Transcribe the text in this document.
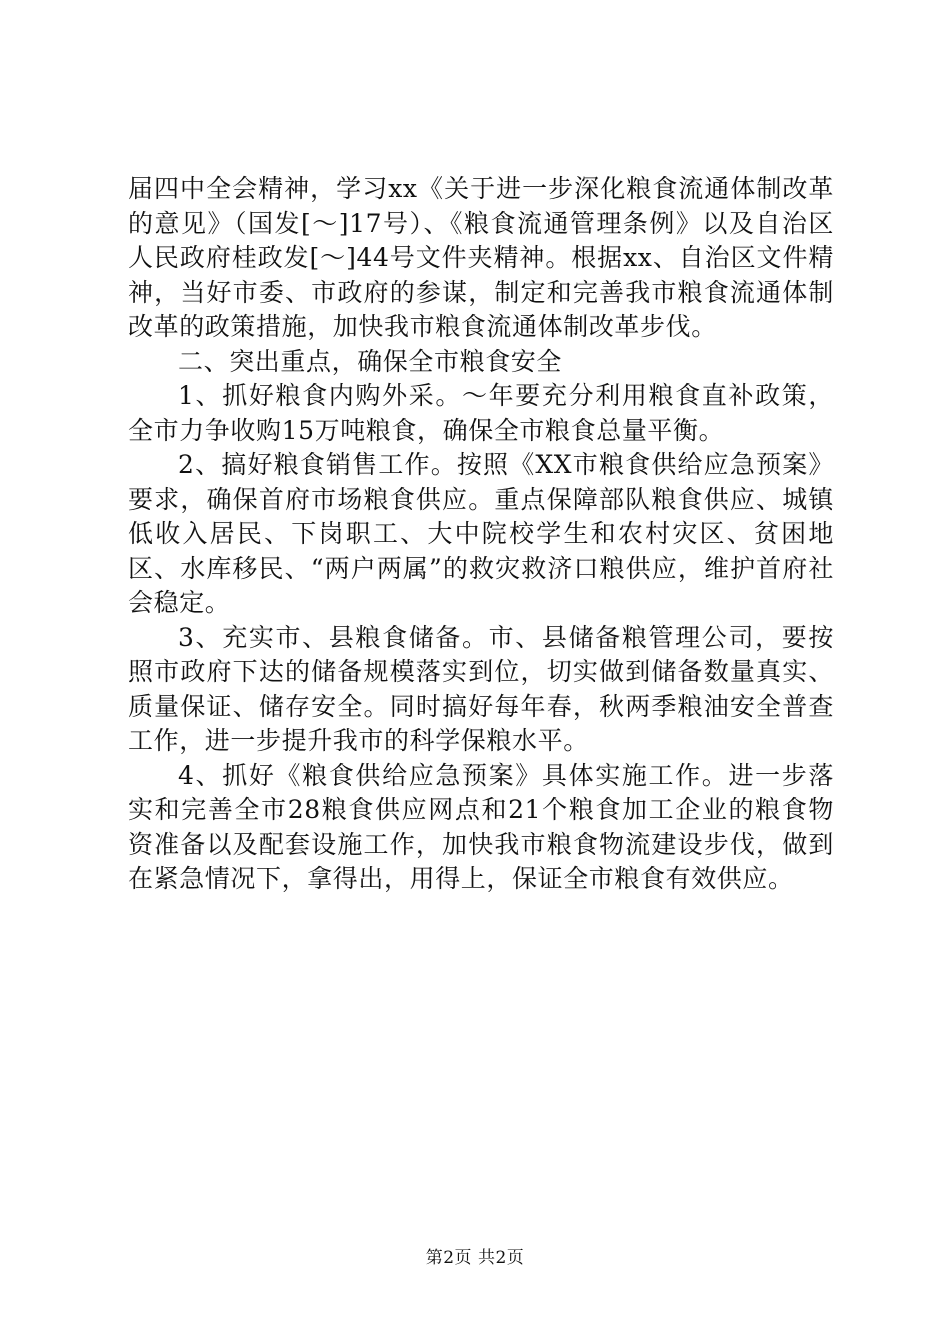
届四中全会精神，学习xx《关于进一步深化粮食流通体制改革的意见》（国发[～]17号）、《粮食流通管理条例》以及自治区人民政府桂政发[～]44号文件夹精神。根据xx、自治区文件精神，当好市委、市政府的参谋，制定和完善我市粮食流通体制改革的政策措施，加快我市粮食流通体制改革步伐。

二、突出重点，确保全市粮食安全

1、抓好粮食内购外采。～年要充分利用粮食直补政策，全市力争收购15万吨粮食，确保全市粮食总量平衡。

2、搞好粮食销售工作。按照《XX市粮食供给应急预案》要求，确保首府市场粮食供应。重点保障部队粮食供应、城镇低收入居民、下岗职工、大中院校学生和农村灾区、贫困地区、水库移民、“两户两属”的救灾救济口粮供应，维护首府社会稳定。

3、充实市、县粮食储备。市、县储备粮管理公司，要按照市政府下达的储备规模落实到位，切实做到储备数量真实、质量保证、储存安全。同时搞好每年春，秋两季粮油安全普查工作，进一步提升我市的科学保粮水平。

4、抓好《粮食供给应急预案》具体实施工作。进一步落实和完善全市28粮食供应网点和21个粮食加工企业的粮食物资准备以及配套设施工作，加快我市粮食物流建设步伐，做到在紧急情况下，拿得出，用得上，保证全市粮食有效供应。

第2页 共2页
